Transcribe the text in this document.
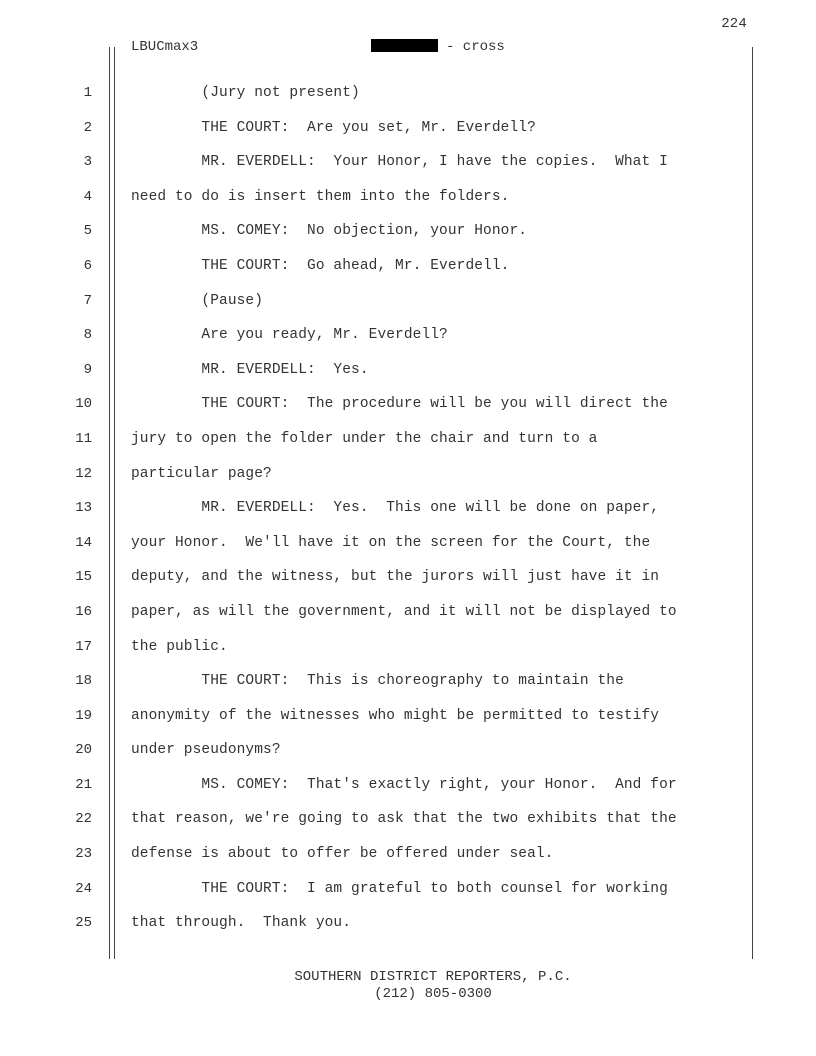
224
LBUCmax3	- cross
1	(Jury not present)
2	THE COURT:  Are you set, Mr. Everdell?
3	MR. EVERDELL:  Your Honor, I have the copies.  What I
4	need to do is insert them into the folders.
5	MS. COMEY:  No objection, your Honor.
6	THE COURT:  Go ahead, Mr. Everdell.
7	(Pause)
8	Are you ready, Mr. Everdell?
9	MR. EVERDELL:  Yes.
10	THE COURT:  The procedure will be you will direct the
11	jury to open the folder under the chair and turn to a
12	particular page?
13	MR. EVERDELL:  Yes.  This one will be done on paper,
14	your Honor.  We'll have it on the screen for the Court, the
15	deputy, and the witness, but the jurors will just have it in
16	paper, as will the government, and it will not be displayed to
17	the public.
18	THE COURT:  This is choreography to maintain the
19	anonymity of the witnesses who might be permitted to testify
20	under pseudonyms?
21	MS. COMEY:  That's exactly right, your Honor.  And for
22	that reason, we're going to ask that the two exhibits that the
23	defense is about to offer be offered under seal.
24	THE COURT:  I am grateful to both counsel for working
25	that through.  Thank you.
SOUTHERN DISTRICT REPORTERS, P.C.
(212) 805-0300
